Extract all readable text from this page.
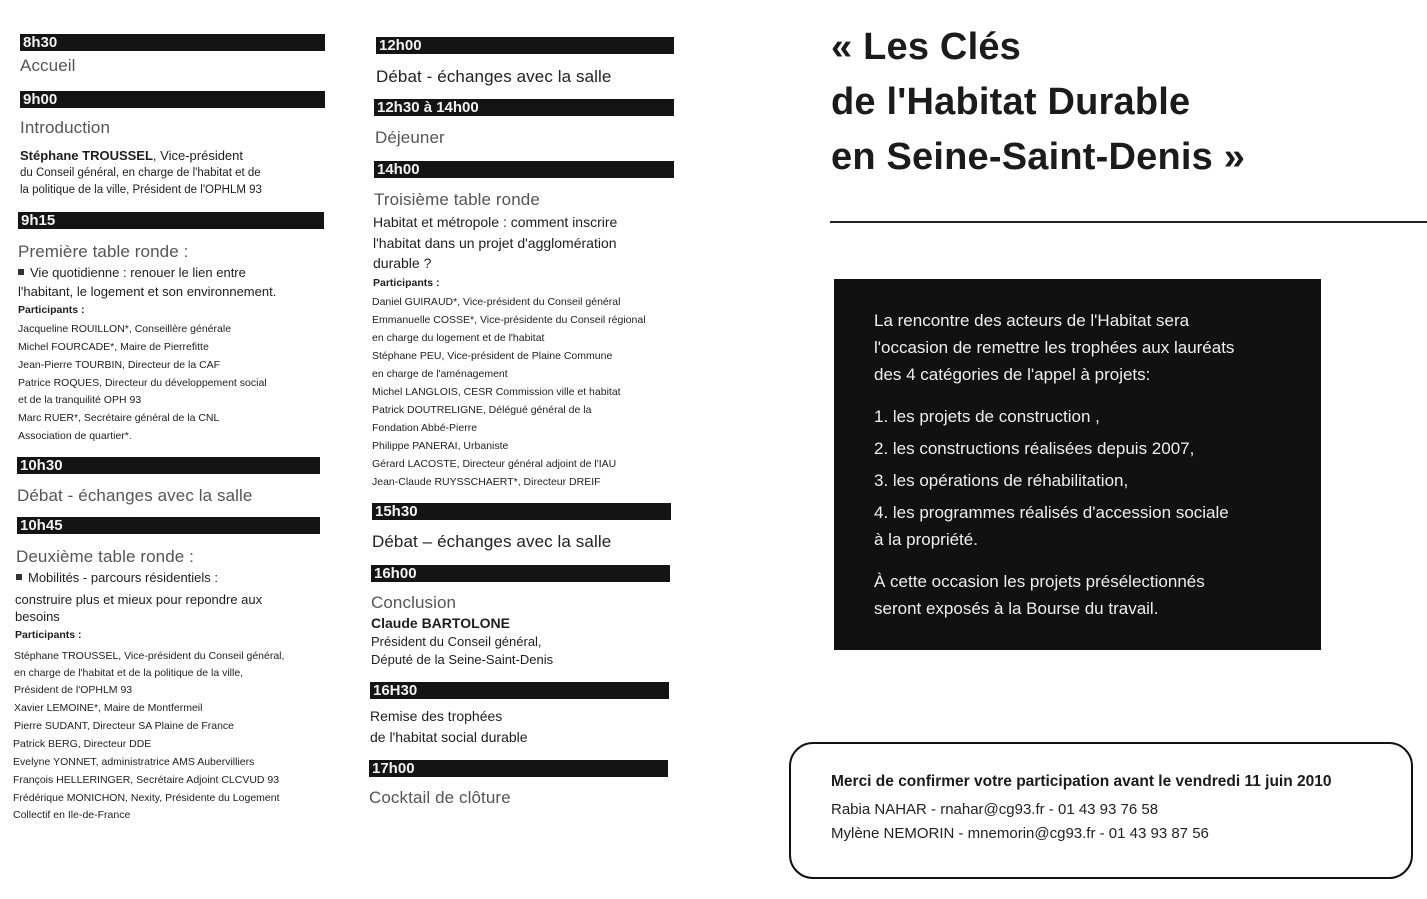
8h30
Accueil
9h00
Introduction
Stéphane TROUSSEL, Vice-président
du Conseil général, en charge de l'habitat et de
la politique de la ville, Président de l'OPHLM 93
9h15
Première table ronde :
Vie quotidienne : renouer le lien entre
l'habitant, le logement et son environnement.
Participants :
Jacqueline ROUILLON*, Conseillère générale
Michel FOURCADE*, Maire de Pierrefitte
Jean-Pierre TOURBIN, Directeur de la CAF
Patrice ROQUES, Directeur du développement social
et de la tranquilité OPH 93
Marc RUER*, Secrétaire général de la CNL
Association de quartier*.
10h30
Débat - échanges avec la salle
10h45
Deuxième table ronde :
Mobilités - parcours résidentiels :
construire plus et mieux pour repondre aux
besoins
Participants :
Stéphane TROUSSEL, Vice-président du Conseil général,
en charge de l'habitat et de la politique de la ville,
Président de l'OPHLM 93
Xavier LEMOINE*, Maire de Montfermeil
Pierre SUDANT, Directeur SA Plaine de France
Patrick BERG, Directeur DDE
Evelyne YONNET, administratrice AMS Aubervilliers
François HELLERINGER, Secrétaire Adjoint CLCVUD 93
Frédérique MONICHON, Nexity, Présidente du Logement
Collectif en Ile-de-France
12h00
Débat - échanges avec la salle
12h30 à 14h00
Déjeuner
14h00
Troisième table ronde
Habitat et métropole : comment inscrire
l'habitat dans un projet d'agglomération
durable ?
Participants :
Daniel GUIRAUD*, Vice-président du Conseil général
Emmanuelle COSSE*, Vice-présidente du Conseil régional
en charge du logement et de l'habitat
Stéphane PEU, Vice-président de Plaine Commune
en charge de l'aménagement
Michel LANGLOIS, CESR Commission ville et habitat
Patrick DOUTRELIGNE, Délégué général de la
Fondation Abbé-Pierre
Philippe PANERAI, Urbaniste
Gérard LACOSTE, Directeur général adjoint de l'IAU
Jean-Claude RUYSSCHAERT*, Directeur DREIF
15h30
Débat – échanges avec la salle
16h00
Conclusion
Claude BARTOLONE
Président du Conseil général,
Député de la Seine-Saint-Denis
16H30
Remise des trophées
de l'habitat social durable
17h00
Cocktail de clôture
« Les Clés
de l'Habitat Durable
en Seine-Saint-Denis »
La rencontre des acteurs de l'Habitat sera
l'occasion de remettre les trophées aux lauréats
des 4 catégories de l'appel à projets:
1. les projets de construction ,
2. les constructions réalisées depuis 2007,
3. les opérations de réhabilitation,
4. les programmes réalisés d'accession sociale
à la propriété.
À cette occasion les projets présélectionnés
seront exposés à la Bourse du travail.
Merci de confirmer votre participation avant le vendredi 11 juin 2010
Rabia NAHAR - rnahar@cg93.fr - 01 43 93 76 58
Mylène NEMORIN - mnemorin@cg93.fr - 01 43 93 87 56
